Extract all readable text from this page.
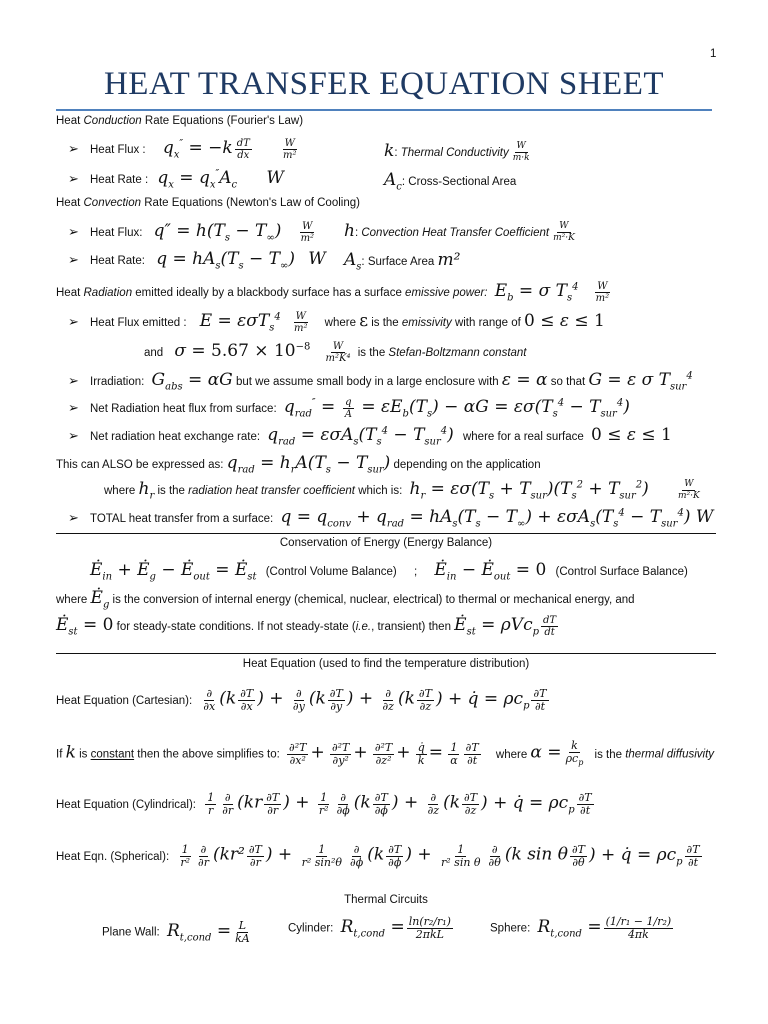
1
HEAT TRANSFER EQUATION SHEET
Heat Conduction Rate Equations (Fourier's Law)
➢ Heat Flux : $q_x'' = -k \frac{dT}{dx}$
	$\frac{W}{\text{m²}}$	k: Thermal Conductivity $\frac{W}{m\cdot k}$
➢ Heat Rate : $q_x = q_x''A_c$ W	$A_c$: Cross-Sectional Area
Heat Convection Rate Equations (Newton's Law of Cooling)
➢ Heat Flux: $q'' = h(T_s - T_\infty) \frac{W}{\text{m²}} h$: Convection Heat Transfer Coefficient $\frac{W}{\text{m²·K}}$
➢ Heat Rate: $q = hA_s(T_s - T_\infty)$ W $A_s$: Surface Area m²
Heat Radiation emitted ideally by a blackbody surface has a surface emissive power: $E_b = \sigma$ $T_s^4 \frac{W}{\text{m²}}$
➢ Heat Flux emitted : $E = \varepsilon\sigma T_s^4 \frac{W}{\text{m²}}$ where ε is the emissivity with range of 0 ≤ ε ≤ 1
and $\sigma = 5.67 \times 10^{-8} \frac{W}{\text{m²K⁴}}$ is the Stefan-Boltzmann constant
➢ Irradiation: $G_{abs} = \alpha G$ but we assume small body in a large enclosure with ε = α so that G = ε σ $T_{sur}^4$
➢ Net Radiation heat flux from surface: $q_{rad}'' = \frac{q}{A} = \varepsilon E_b(T_s) - \alpha G = \varepsilon\sigma(T_s^4 - T_{sur}^4)$
➢ Net radiation heat exchange rate: $q_{rad} = \varepsilon\sigma A_s(T_s^4 - T_{sur}^4)$ where for a real surface 0 ≤ ε ≤ 1
This can ALSO be expressed as: $q_{rad} = h_rA(T_s - T_{sur})$ depending on the application
where $h_r$ is the radiation heat transfer coefficient which is: $h_r = \varepsilon\sigma(T_s + T_{sur})(T_s^2 + T_{sur}^2)$	$\frac{W}{\text{m²·K}}$
➢ TOTAL heat transfer from a surface: $q = q_{conv} + q_{rad} = hA_s(T_s - T_\infty) + \varepsilon\sigma A_s(T_s^4 - T_{sur}^4)$ W
Conservation of Energy (Energy Balance)
$Ė_{in}$ + $Ė_g$ − $Ė_{out}$ = $Ė_{st}$ (Control Volume Balance) ; $Ė_{in}$ − $Ė_{out} = 0$ (Control Surface Balance)
where $Ė_g$ is the conversion of internal energy (chemical, nuclear, electrical) to thermal or mechanical energy, and
$Ė_{st} = 0$ for steady-state conditions. If not steady-state (i.e., transient) then $Ė_{st} = \rho Vc_p \frac{dT}{dt}$
Heat Equation (used to find the temperature distribution)
Heat Equation (Cartesian):
∂
∂x ($k \frac{\partial T}{\partial x}$ ) + ∂
∂y ($k \frac{\partial T}{\partial y}$ ) + ∂
∂z ($k \frac{\partial T}{\partial z}$ ) + q̇ = $\rho c_p \frac{\partial T}{\partial t}$
If k is constant then the above simplifies to: $\frac{\text{∂²T}}{\text{∂x²}} + \frac{\text{∂²T}}{\text{∂y²}} + \frac{\text{∂²T}}{\text{∂z²}} + \frac{q̇}{k} = \frac{1}{\alpha} \frac{\partial T}{\partial t}$ where α = k
$\rho c_p$
is the thermal diffusivity
Heat Equation (Cylindrical): $\frac{1}{r}$ ∂
∂r ($kr \frac{\partial T}{\partial r}$ ) + $\frac{1}{\text{r²}}$ ∂
∂ϕ ($k \frac{\partial T}{\partial\phi}$ ) + ∂
∂z ($k \frac{\partial T}{\partial z}$ ) + q̇ = $\rho c_p \frac{\partial T}{\partial t}$
Heat Eqn. (Spherical): $\frac{1}{\text{r²}}$ ∂
∂r ($kr^2 \frac{\partial T}{\partial r}$ ) + $\frac{1}{\text{r² sin²θ}}$ ∂
∂ϕ ($k \frac{\partial T}{\partial\phi}$ ) + $\frac{1}{\text{r² sin θ}}$ ∂
∂θ (k sin θ $\frac{\partial T}{\partial\theta}$ ) + q̇ = $\rho c_p \frac{\partial T}{\partial t}$
Thermal Circuits
Plane Wall: $R_{t,cond} = \frac{L}{kA}$	Cylinder: $R_{t,cond} = \ln(r_2/r_1)$
2πkL	Sphere: $R_{t,cond} = \frac{\text{(1/r₁ − 1/r₂)}}{4\pi k}$
